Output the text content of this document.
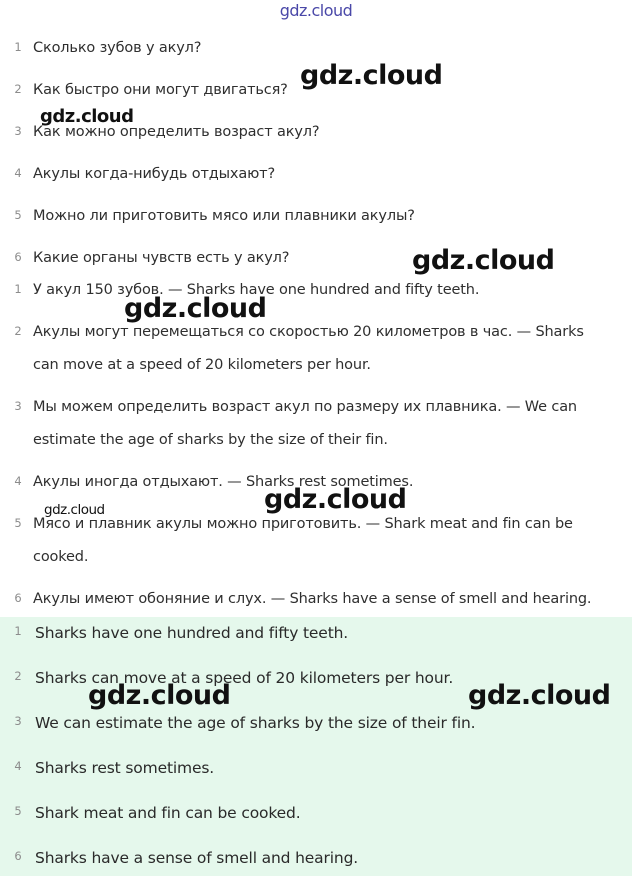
gdz.cloud
1 Сколько зубов у акул?
2 Как быстро они могут двигаться?
3 Как можно определить возраст акул?
4 Акулы когда-нибудь отдыхают?
5 Можно ли приготовить мясо или плавники акулы?
6 Какие органы чувств есть у акул?
1 У акул 150 зубов. — Sharks have one hundred and fifty teeth.
2 Акулы могут перемещаться со скоростью 20 километров в час. — Sharks
can move at a speed of 20 kilometers per hour.
3 Мы можем определить возраст акул по размеру их плавника. — We can
estimate the age of sharks by the size of their fin.
4 Акулы иногда отдыхают. — Sharks rest sometimes.
5 Мясо и плавник акулы можно приготовить. — Shark meat and fin can be
cooked.
6 Акулы имеют обоняние и слух. — Sharks have a sense of smell and hearing.
1 Sharks have one hundred and fifty teeth.
2 Sharks can move at a speed of 20 kilometers per hour.
3 We can estimate the age of sharks by the size of their fin.
4 Sharks rest sometimes.
5 Shark meat and fin can be cooked.
6 Sharks have a sense of smell and hearing.
gdz.cloud
gdz.cloud
gdz.cloud
gdz.cloud
gdz.cloud
gdz.cloud
gdz.cloud	gdz.cloud
